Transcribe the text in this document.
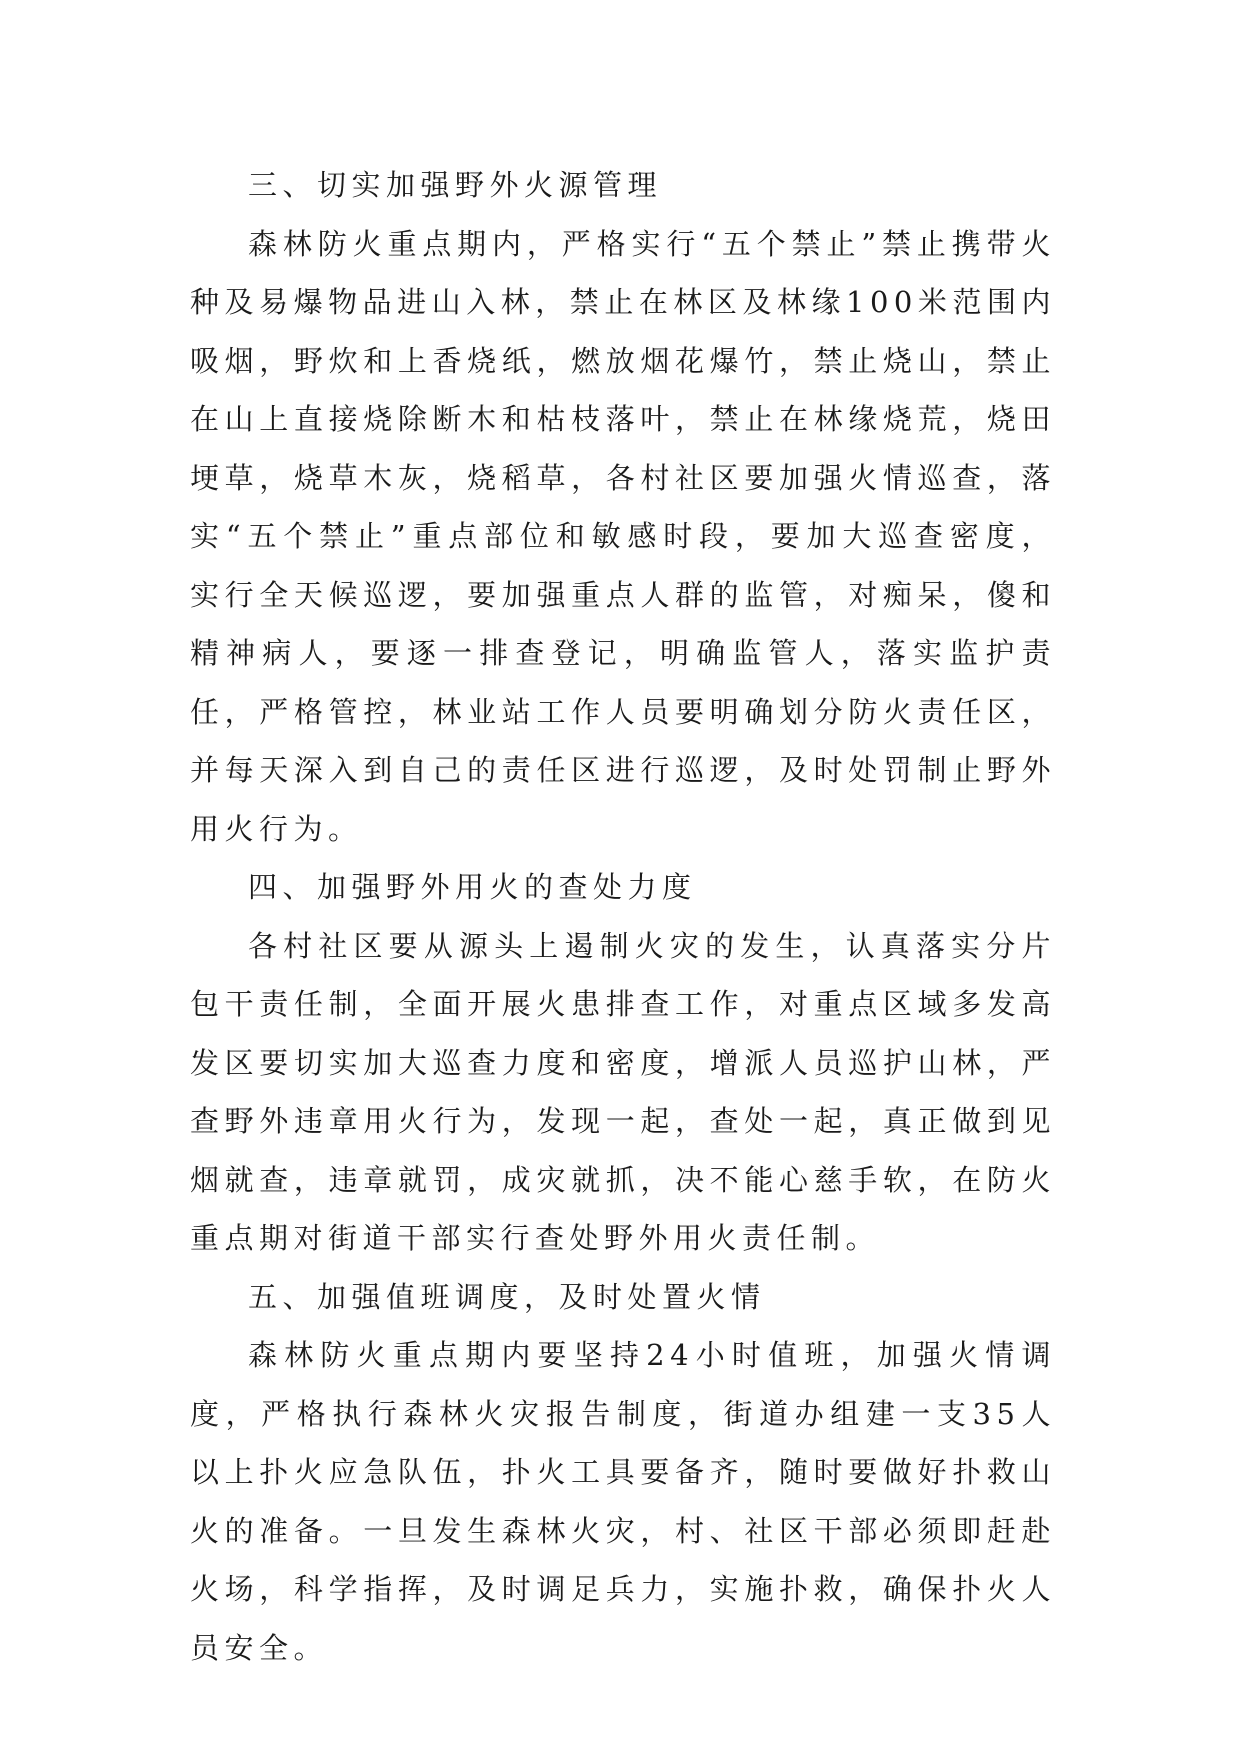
三、切实加强野外火源管理

森林防火重点期内，严格实行“五个禁止”禁止携带火种及易爆物品进山入林，禁止在林区及林缘100米范围内吸烟，野炊和上香烧纸，燃放烟花爆竹，禁止烧山，禁止在山上直接烧除断木和枯枝落叶，禁止在林缘烧荒，烧田埂草，烧草木灰，烧稻草，各村社区要加强火情巡查，落实“五个禁止”重点部位和敏感时段，要加大巡查密度，实行全天候巡逻，要加强重点人群的监管，对痴呆，傻和精神病人，要逐一排查登记，明确监管人，落实监护责任，严格管控，林业站工作人员要明确划分防火责任区，并每天深入到自己的责任区进行巡逻，及时处罚制止野外用火行为。

四、加强野外用火的查处力度

各村社区要从源头上遏制火灾的发生，认真落实分片包干责任制，全面开展火患排查工作，对重点区域多发高发区要切实加大巡查力度和密度，增派人员巡护山林，严查野外违章用火行为，发现一起，查处一起，真正做到见烟就查，违章就罚，成灾就抓，决不能心慈手软，在防火重点期对街道干部实行查处野外用火责任制。

五、加强值班调度，及时处置火情

森林防火重点期内要坚持24小时值班，加强火情调度，严格执行森林火灾报告制度，街道办组建一支35人以上扑火应急队伍，扑火工具要备齐，随时要做好扑救山火的准备。一旦发生森林火灾，村、社区干部必须即赶赴火场，科学指挥，及时调足兵力，实施扑救，确保扑火人员安全。
